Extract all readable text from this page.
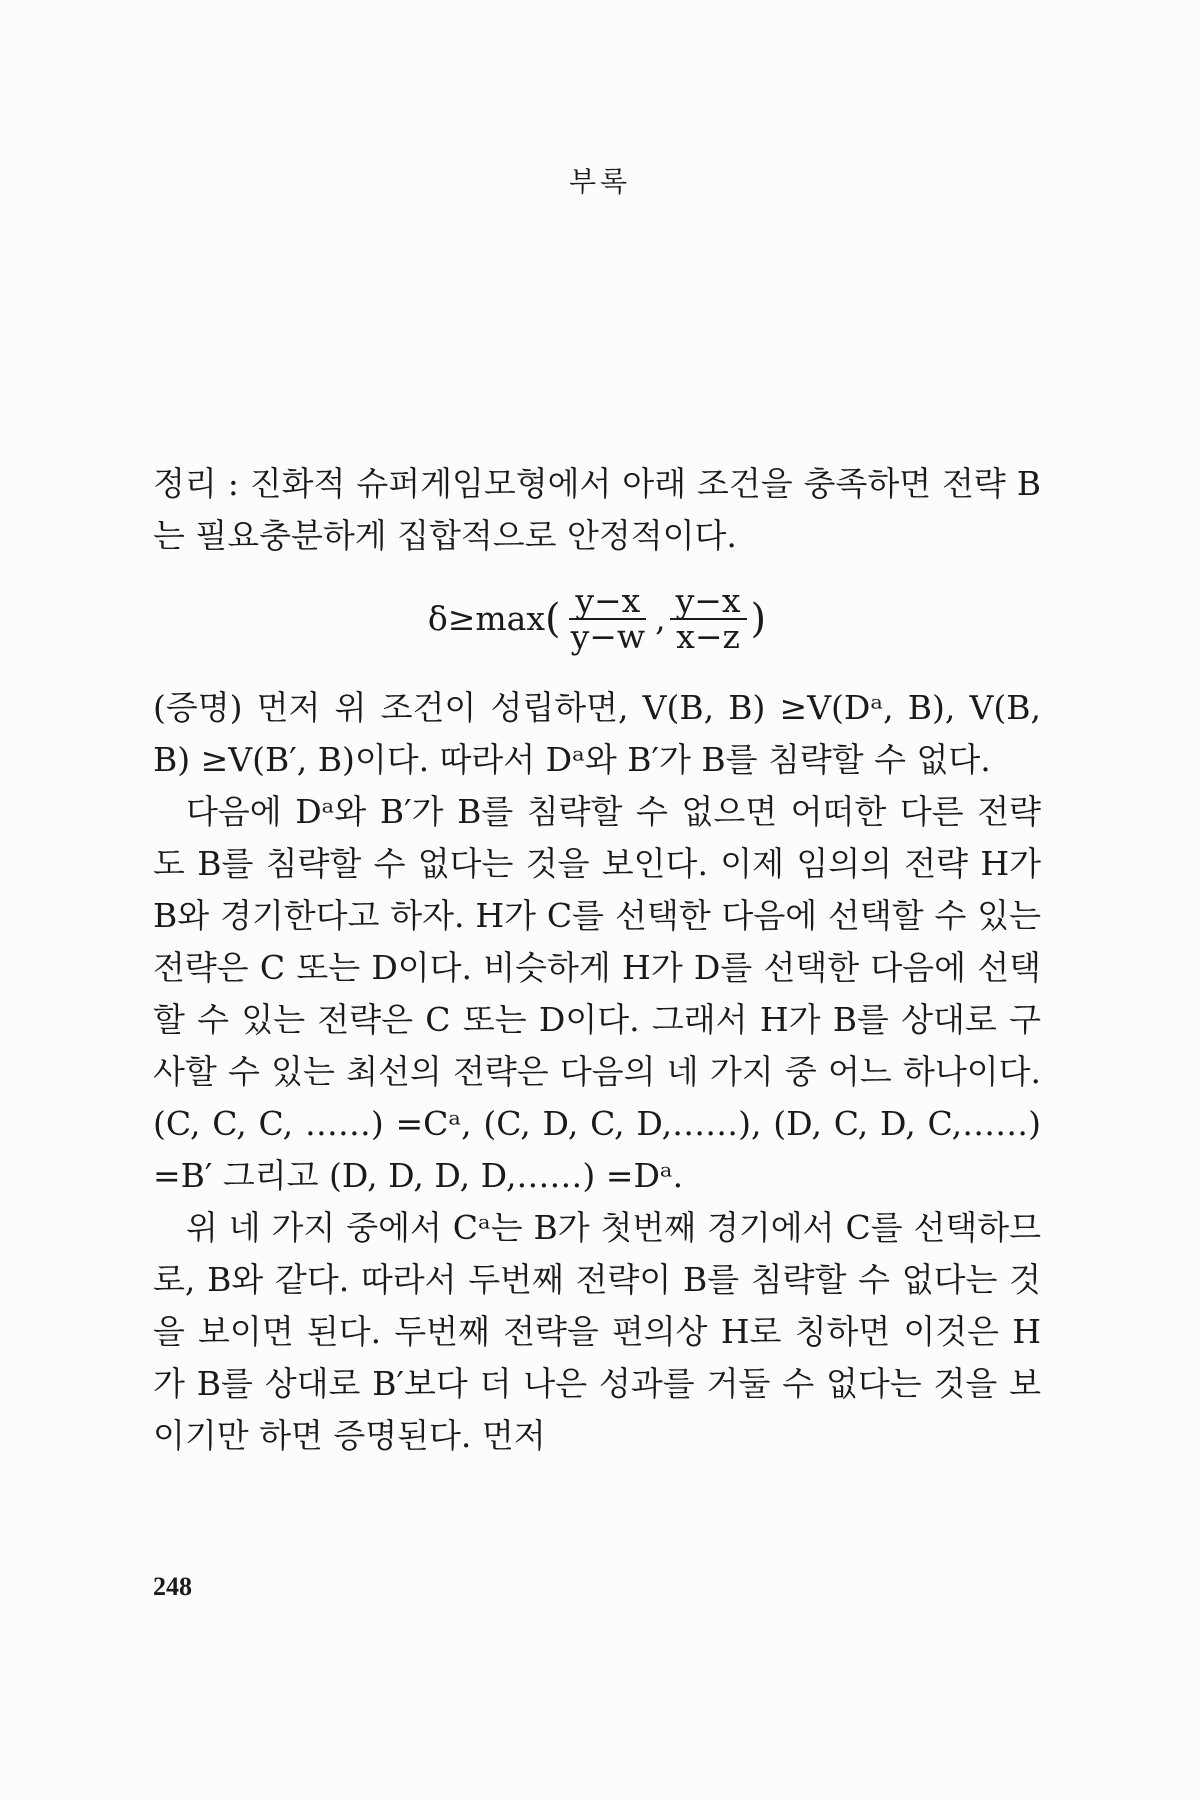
부록

정리 : 진화적 슈퍼게임모형에서 아래 조건을 충족하면 전략 B 는 필요충분하게 집합적으로 안정적이다.

δ≥max ( $\frac{y-x}{y-w}$ , $\frac{y-x}{x-z}$ )

(증명) 먼저 위 조건이 성립하면, V(B, B) ≥V(Dᵃ, B), V(B, B) ≥V(B′, B)이다. 따라서 Dᵃ와 B′가 B를 침략할 수 없다.

다음에 Dᵃ와 B′가 B를 침략할 수 없으면 어떠한 다른 전략도 B를 침략할 수 없다는 것을 보인다. 이제 임의의 전략 H가 B와 경기한다고 하자. H가 C를 선택한 다음에 선택할 수 있는 전략은 C 또는 D이다. 비슷하게 H가 D를 선택한 다음에 선택할 수 있는 전략은 C 또는 D이다. 그래서 H가 B를 상대로 구사할 수 있는 최선의 전략은 다음의 네 가지 중 어느 하나이다. (C, C, C, ……) =Cᵃ, (C, D, C, D,……), (D, C, D, C,……) =B′ 그리고 (D, D, D, D,……) =Dᵃ.

위 네 가지 중에서 Cᵃ는 B가 첫번째 경기에서 C를 선택하므로, B와 같다. 따라서 두번째 전략이 B를 침략할 수 없다는 것을 보이면 된다. 두번째 전략을 편의상 H로 칭하면 이것은 H가 B를 상대로 B′보다 더 나은 성과를 거둘 수 없다는 것을 보이기만 하면 증명된다. 먼저

248
